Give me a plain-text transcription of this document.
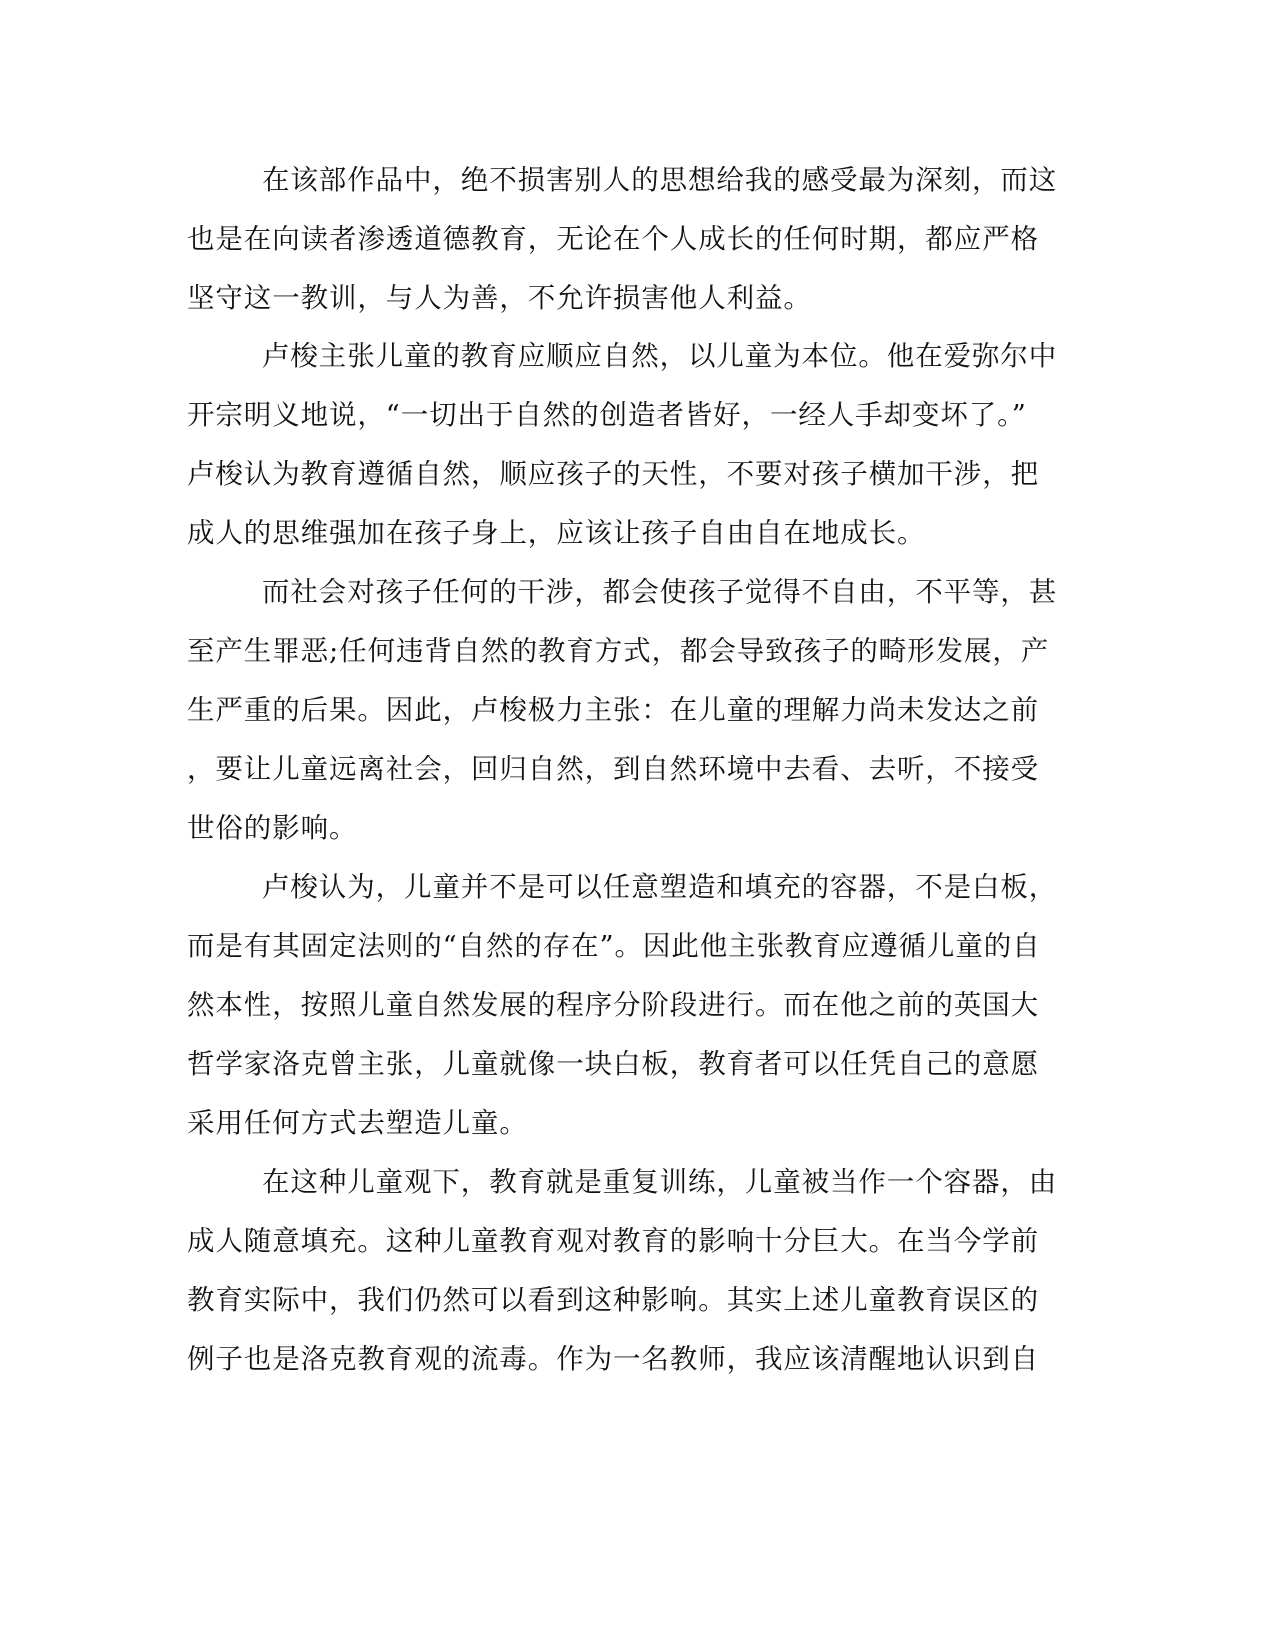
在该部作品中，绝不损害别人的思想给我的感受最为深刻，而这
也是在向读者渗透道德教育，无论在个人成长的任何时期，都应严格
坚守这一教训，与人为善，不允许损害他人利益。
卢梭主张儿童的教育应顺应自然，以儿童为本位。他在爱弥尔中
开宗明义地说，“一切出于自然的创造者皆好，一经人手却变坏了。”
卢梭认为教育遵循自然，顺应孩子的天性，不要对孩子横加干涉，把
成人的思维强加在孩子身上，应该让孩子自由自在地成长。
而社会对孩子任何的干涉，都会使孩子觉得不自由，不平等，甚
至产生罪恶;任何违背自然的教育方式，都会导致孩子的畸形发展，产
生严重的后果。因此，卢梭极力主张：在儿童的理解力尚未发达之前
，要让儿童远离社会，回归自然，到自然环境中去看、去听，不接受
世俗的影响。
卢梭认为，儿童并不是可以任意塑造和填充的容器，不是白板，
而是有其固定法则的“自然的存在”。因此他主张教育应遵循儿童的自
然本性，按照儿童自然发展的程序分阶段进行。而在他之前的英国大
哲学家洛克曾主张，儿童就像一块白板，教育者可以任凭自己的意愿
采用任何方式去塑造儿童。
在这种儿童观下，教育就是重复训练，儿童被当作一个容器，由
成人随意填充。这种儿童教育观对教育的影响十分巨大。在当今学前
教育实际中，我们仍然可以看到这种影响。其实上述儿童教育误区的
例子也是洛克教育观的流毒。作为一名教师，我应该清醒地认识到自
